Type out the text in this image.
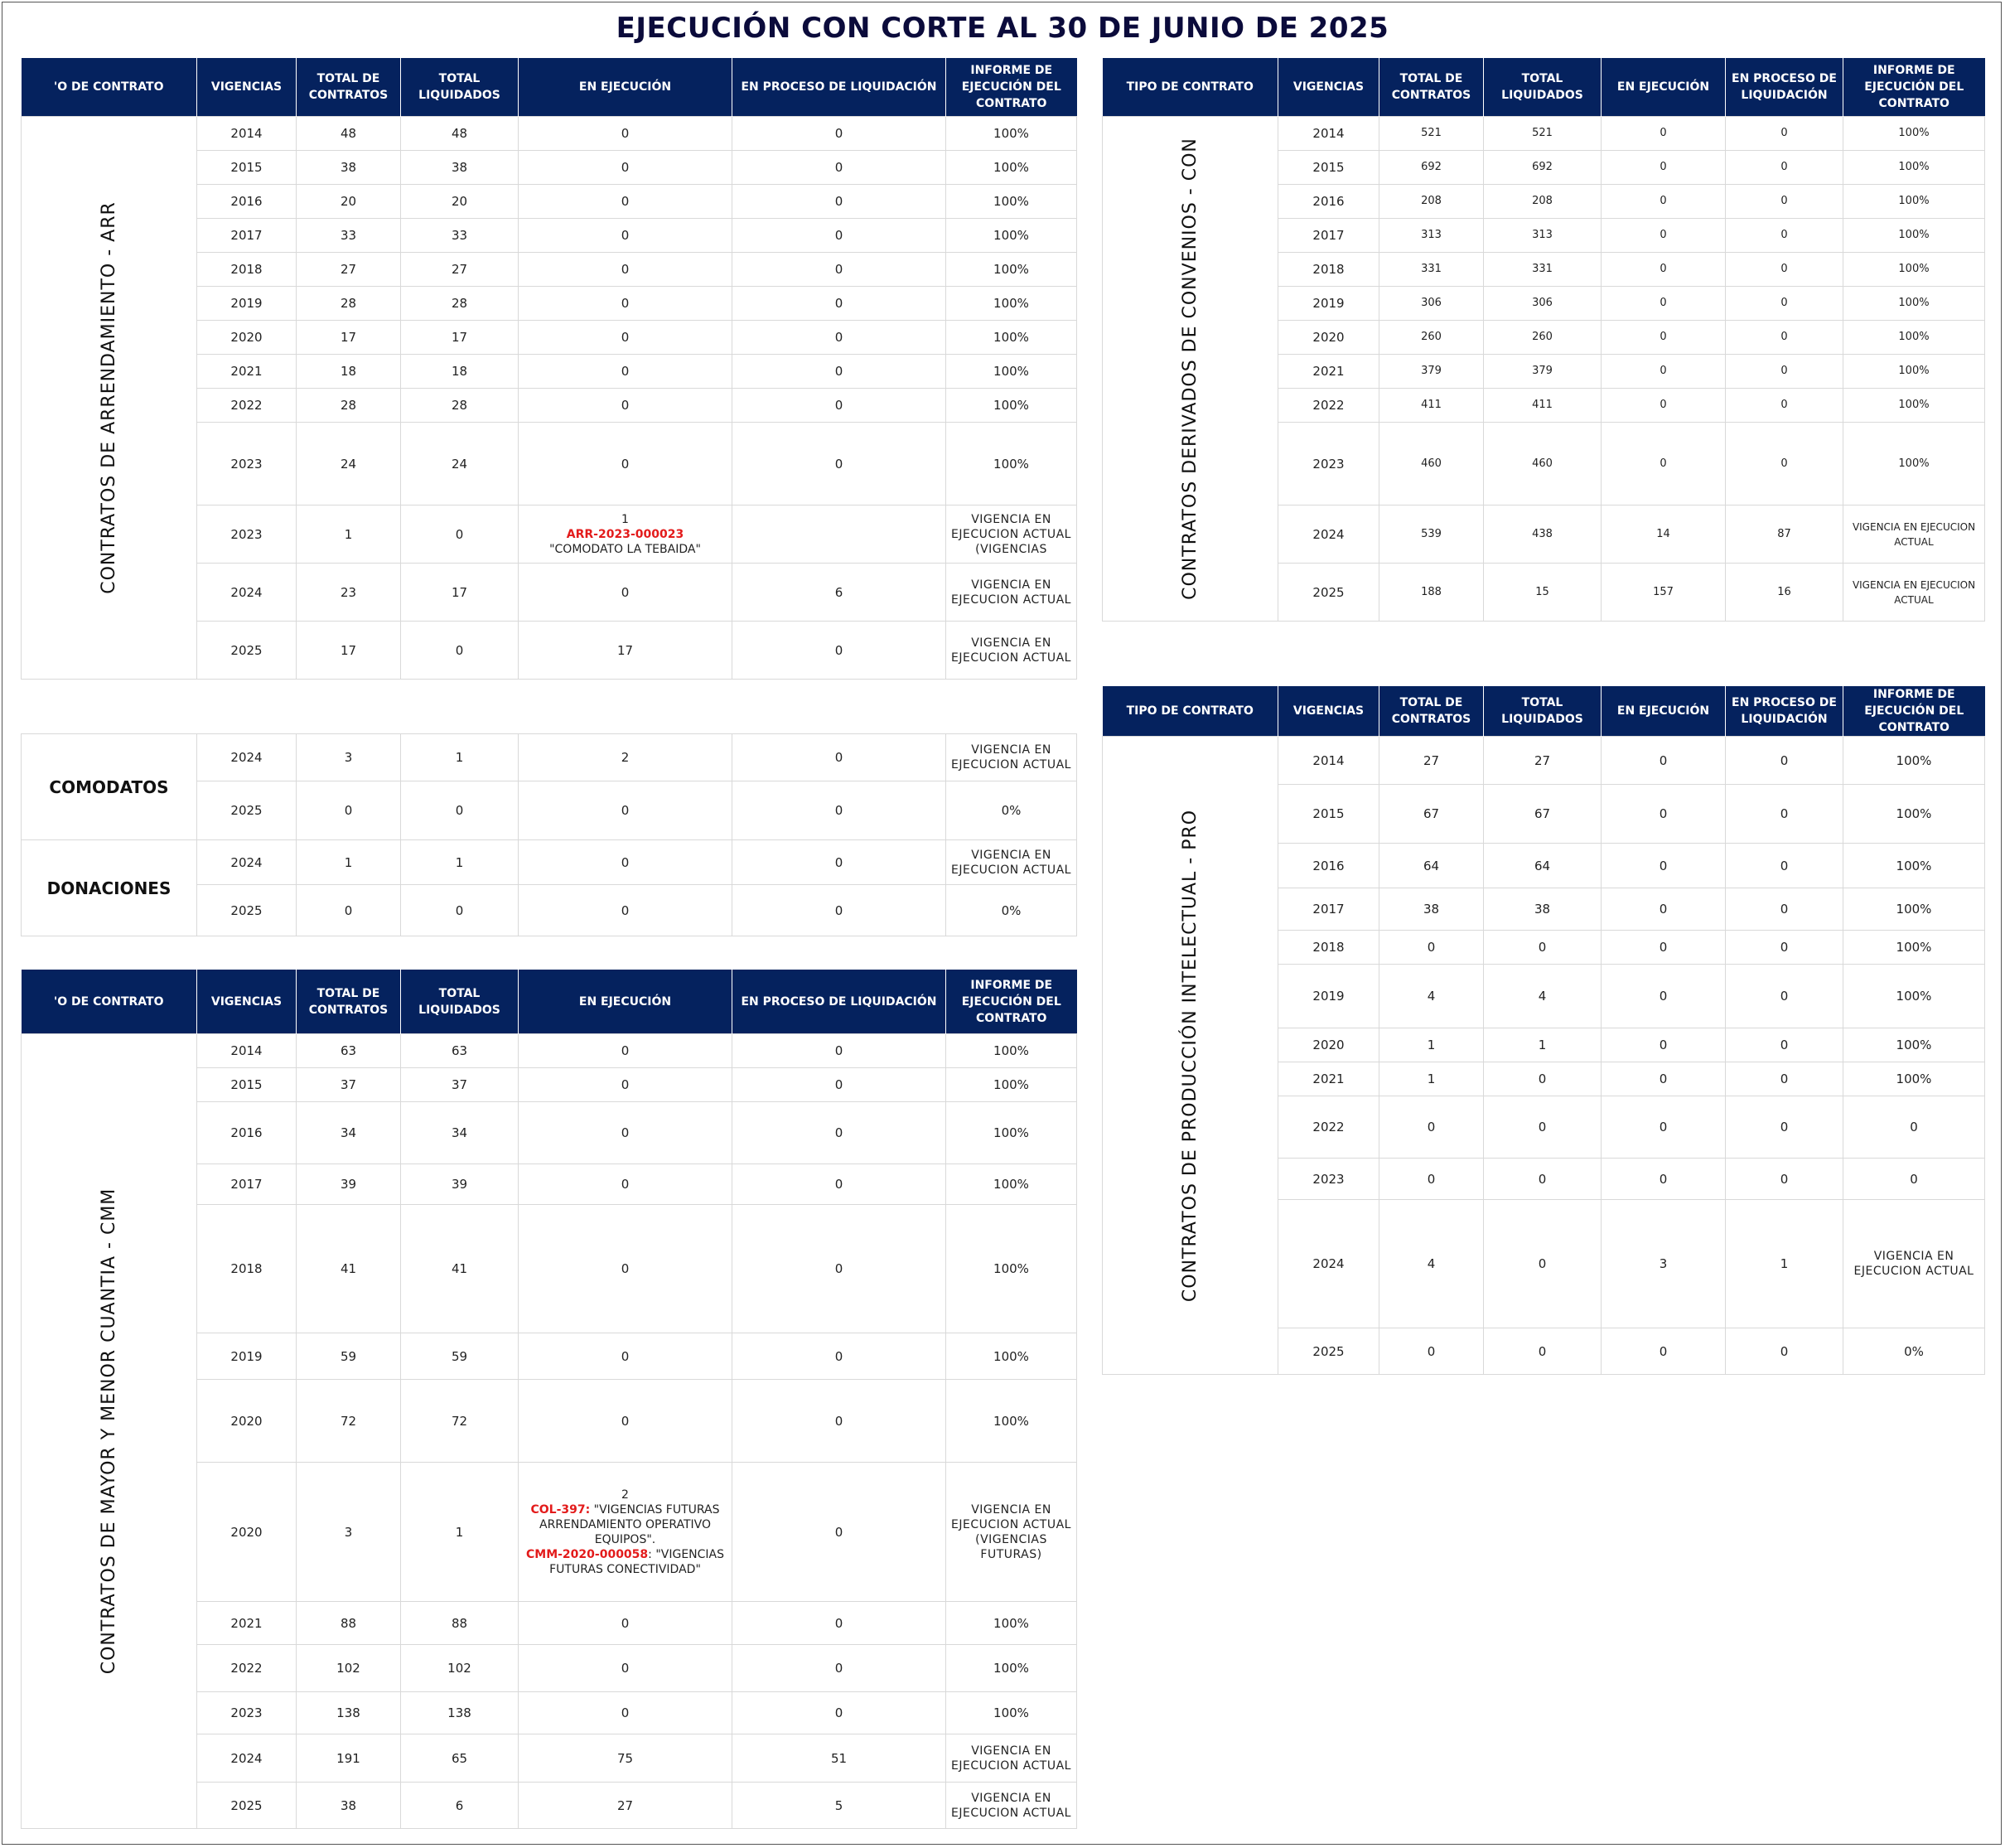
EJECUCIÓN CON CORTE AL 30 DE JUNIO DE 2025
'O DE CONTRATO	VIGENCIAS	TOTAL DE CONTRATOS	TOTAL LIQUIDADOS	EN EJECUCIÓN	EN PROCESO DE LIQUIDACIÓN	INFORME DE EJECUCIÓN DEL CONTRATO

CONTRATOS DE ARRENDAMIENTO - ARR	2014	48	48	0	0	100%
	2015	38	38	0	0	100%
	2016	20	20	0	0	100%
	2017	33	33	0	0	100%
	2018	27	27	0	0	100%
	2019	28	28	0	0	100%
	2020	17	17	0	0	100%
	2021	18	18	0	0	100%
	2022	28	28	0	0	100%
	2023	24	24	0	0	100%
	2023	1	0	1
ARR-2023-000023
"COMODATO LA TEBAIDA"		VIGENCIA EN EJECUCION ACTUAL (VIGENCIAS
	2024	23	17	0	6	VIGENCIA EN EJECUCION ACTUAL
	2025	17	0	17	0	VIGENCIA EN EJECUCION ACTUAL
COMODATOS	2024	3	1	2	0	VIGENCIA EN EJECUCION ACTUAL
	2025	0	0	0	0	0%
DONACIONES	2024	1	1	0	0	VIGENCIA EN EJECUCION ACTUAL
	2025	0	0	0	0	0%
'O DE CONTRATO	VIGENCIAS	TOTAL DE CONTRATOS	TOTAL LIQUIDADOS	EN EJECUCIÓN	EN PROCESO DE LIQUIDACIÓN	INFORME DE EJECUCIÓN DEL CONTRATO

CONTRATOS DE MAYOR Y MENOR CUANTIA - CMM	2014	63	63	0	0	100%
	2015	37	37	0	0	100%
	2016	34	34	0	0	100%
	2017	39	39	0	0	100%
	2018	41	41	0	0	100%
	2019	59	59	0	0	100%
	2020	72	72	0	0	100%
	2020	3	1	2
COL-397: "VIGENCIAS FUTURAS ARRENDAMIENTO OPERATIVO EQUIPOS".
CMM-2020-000058: "VIGENCIAS FUTURAS CONECTIVIDAD"	0	VIGENCIA EN EJECUCION ACTUAL (VIGENCIAS FUTURAS)
	2021	88	88	0	0	100%
	2022	102	102	0	0	100%
	2023	138	138	0	0	100%
	2024	191	65	75	51	VIGENCIA EN EJECUCION ACTUAL
	2025	38	6	27	5	VIGENCIA EN EJECUCION ACTUAL
TIPO DE CONTRATO	VIGENCIAS	TOTAL DE CONTRATOS	TOTAL LIQUIDADOS	EN EJECUCIÓN	EN PROCESO DE LIQUIDACIÓN	INFORME DE EJECUCIÓN DEL CONTRATO

CONTRATOS DERIVADOS DE CONVENIOS - CON	2014	521	521	0	0	100%
	2015	692	692	0	0	100%
	2016	208	208	0	0	100%
	2017	313	313	0	0	100%
	2018	331	331	0	0	100%
	2019	306	306	0	0	100%
	2020	260	260	0	0	100%
	2021	379	379	0	0	100%
	2022	411	411	0	0	100%
	2023	460	460	0	0	100%
	2024	539	438	14	87	VIGENCIA EN EJECUCION ACTUAL
	2025	188	15	157	16	VIGENCIA EN EJECUCION ACTUAL
TIPO DE CONTRATO	VIGENCIAS	TOTAL DE CONTRATOS	TOTAL LIQUIDADOS	EN EJECUCIÓN	EN PROCESO DE LIQUIDACIÓN	INFORME DE EJECUCIÓN DEL CONTRATO

CONTRATOS DE PRODUCCIÓN INTELECTUAL - PRO	2014	27	27	0	0	100%
	2015	67	67	0	0	100%
	2016	64	64	0	0	100%
	2017	38	38	0	0	100%
	2018	0	0	0	0	100%
	2019	4	4	0	0	100%
	2020	1	1	0	0	100%
	2021	1	0	0	0	100%
	2022	0	0	0	0	0
	2023	0	0	0	0	0
	2024	4	0	3	1	VIGENCIA EN EJECUCION ACTUAL
	2025	0	0	0	0	0%
